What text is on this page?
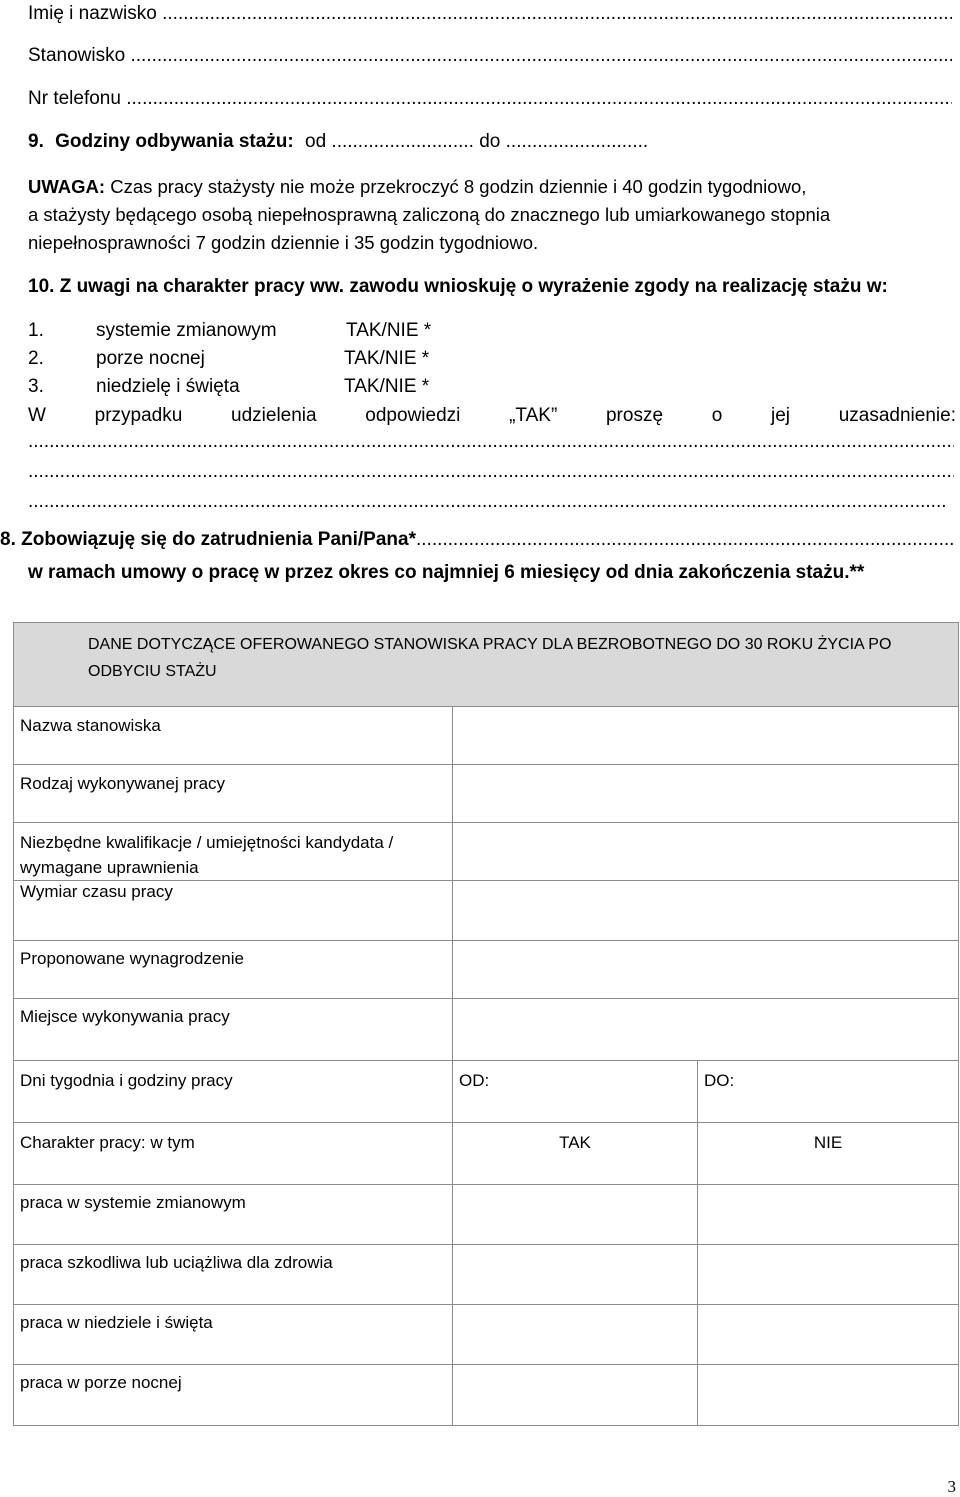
Imię i nazwisko .....
Stanowisko .....
Nr telefonu .....
9. Godziny odbywania stażu: od ........................... do ...........................

UWAGA: Czas pracy stażysty nie może przekroczyć 8 godzin dziennie i 40 godzin tygodniowo,

a stażysty będącego osobą niepełnosprawną zaliczoną do znacznego lub umiarkowanego stopnia

niepełnosprawności 7 godzin dziennie i 35 godzin tygodniowo.

10. Z uwagi na charakter pracy ww. zawodu wnioskuję o wyrażenie zgody na realizację stażu w:
1.	systemie zmianowym	TAK/NIE *
2.	porze nocnej	TAK/NIE *
3.	niedzielę i święta	TAK/NIE *
W	przypadku	udzielenia	odpowiedzi	„TAK”	proszę	o	jej	uzasadnienie:
.....
.....
.....
8. Zobowiązuję się do zatrudnienia Pani/Pana* .....
w ramach umowy o pracę w przez okres co najmniej 6 miesięcy od dnia zakończenia stażu.**
DANE DOTYCZĄCE OFEROWANEGO STANOWISKA PRACY DLA BEZROBOTNEGO DO 30 ROKU ŻYCIA PO ODBYCIU STAŻU		
Nazwa stanowiska		
Rodzaj wykonywanej pracy		
Niezbędne kwalifikacje / umiejętności kandydata / wymagane uprawnienia		
Wymiar czasu pracy		
Proponowane wynagrodzenie		
Miejsce wykonywania pracy		
Dni tygodnia i godziny pracy	OD:	DO:
Charakter pracy: w tym	TAK	NIE
praca w systemie zmianowym		
praca szkodliwa lub uciążliwa dla zdrowia		
praca w niedziele i święta		
praca w porze nocnej		
3
